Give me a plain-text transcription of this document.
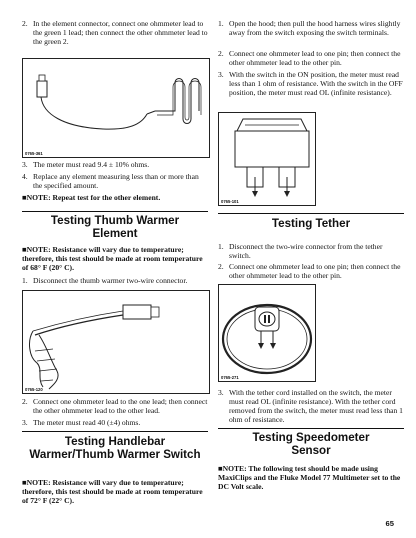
2. In the element connector, connect one ohmmeter lead to the green 1 lead; then connect the other ohmmeter lead to the green 2.
0765-361
3. The meter must read 9.4 ± 10% ohms.
4. Replace any element measuring less than or more than the specified amount.
■NOTE: Repeat test for the other element.
Testing Thumb Warmer Element
■NOTE: Resistance will vary due to temperature; therefore, this test should be made at room temperature of 68° F (20° C).
1. Disconnect the thumb warmer two-wire connector.
0765-120
2. Connect one ohmmeter lead to the one lead; then connect the other ohmmeter lead to the other lead.
3. The meter must read 40 (±4) ohms.
Testing Handlebar Warmer/Thumb Warmer Switch
■NOTE: Resistance will vary due to temperature; therefore, this test should be made at room temperature of 72° F (22° C).
1. Open the hood; then pull the hood harness wires slightly away from the switch exposing the switch terminals.
2. Connect one ohmmeter lead to one pin; then connect the other ohmmeter lead to the other pin.
3. With the switch in the ON position, the meter must read less than 1 ohm of resistance. With the switch in the OFF position, the meter must read OL (infinite resistance).
0765-101
Testing Tether
1. Disconnect the two-wire connector from the tether switch.
2. Connect one ohmmeter lead to one pin; then connect the other ohmmeter lead to the other pin.
0765-271
3. With the tether cord installed on the switch, the meter must read OL (infinite resistance). With the tether cord removed from the switch, the meter must read less than 1 ohm of resistance.
Testing Speedometer Sensor
■NOTE: The following test should be made using MaxiClips and the Fluke Model 77 Multimeter set to the DC Volt scale.
65
